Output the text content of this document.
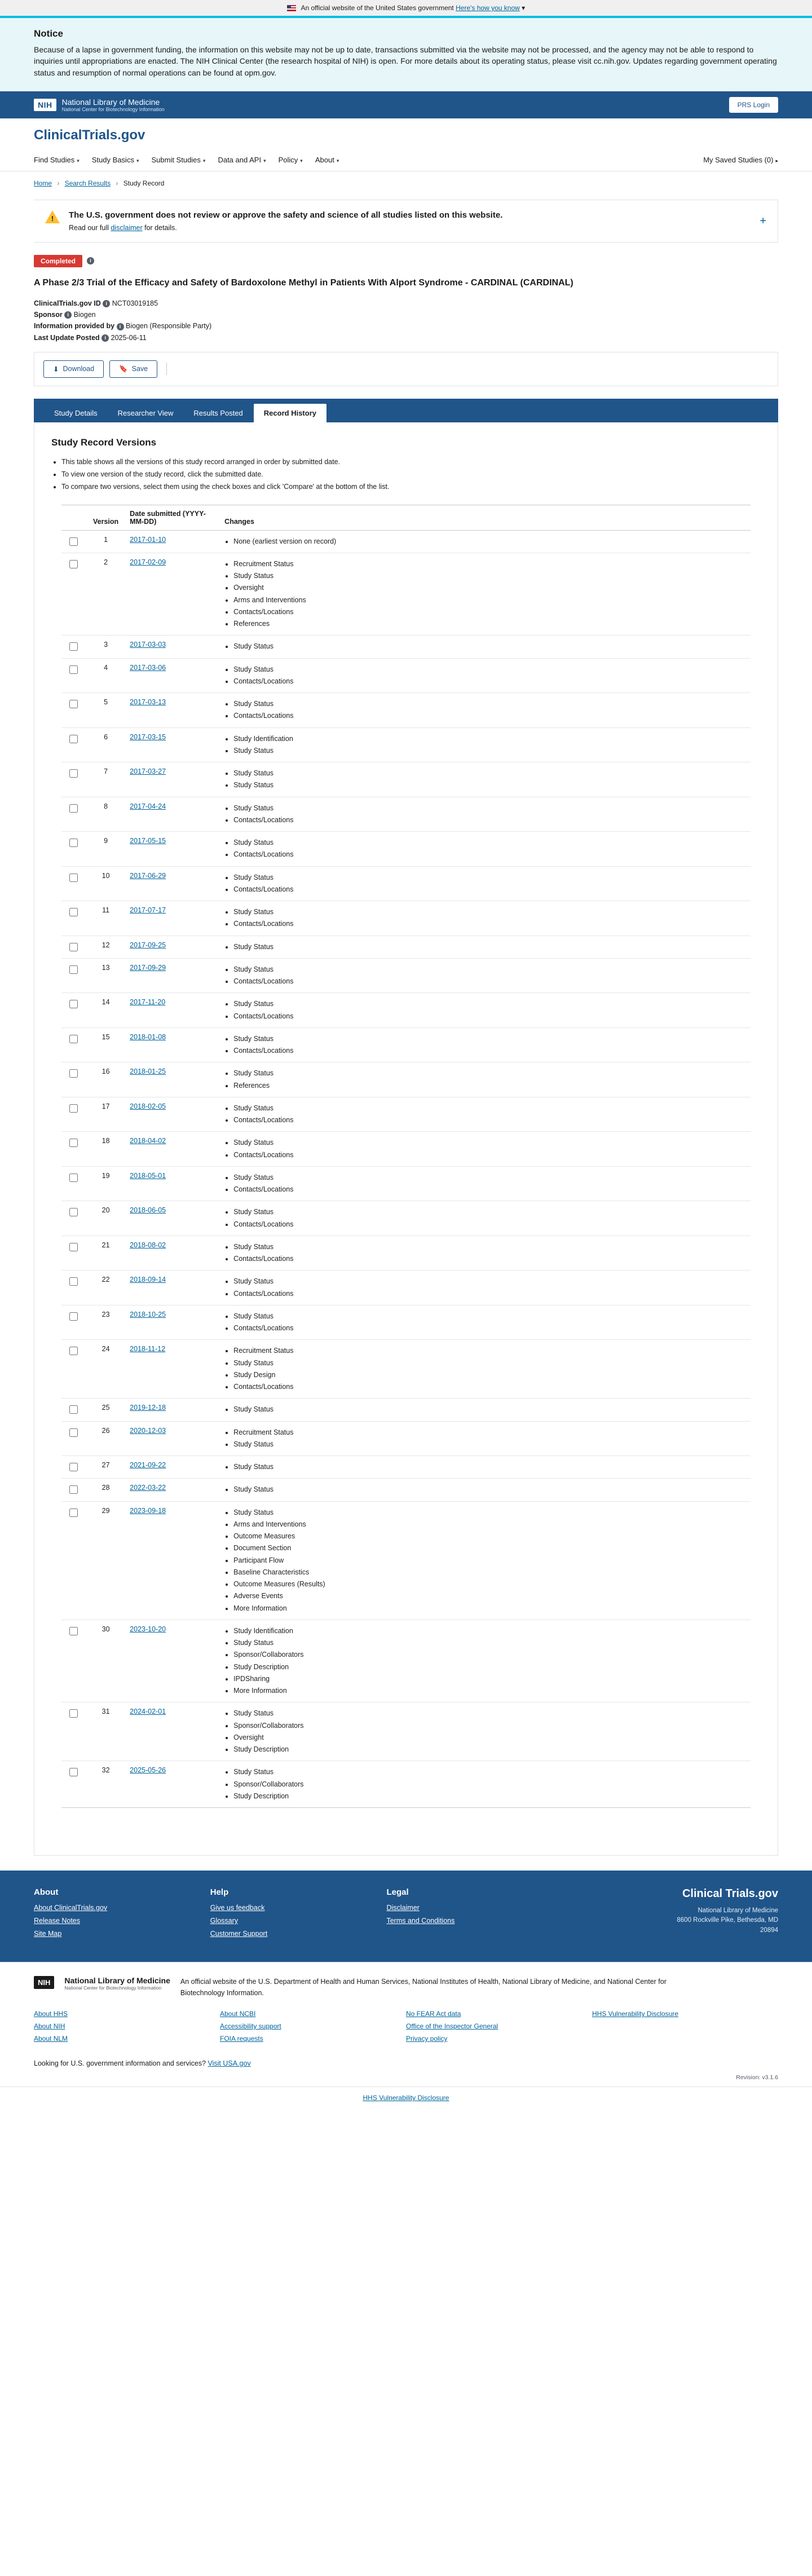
An official website of the United States government Here's how you know ▾
Notice
Because of a lapse in government funding, the information on this website may not be up to date, transactions submitted via the website may not be processed, and the agency may not be able to respond to inquiries until appropriations are enacted. The NIH Clinical Center (the research hospital of NIH) is open. For more details about its operating status, please visit cc.nih.gov. Updates regarding government operating status and resumption of normal operations can be found at opm.gov.
NIH	National Library of Medicine
National Center for Biotechnology Information
PRS Login
ClinicalTrials.gov
Find Studies ▾	Study Basics ▾	Submit Studies ▾	Data and API ▾	Policy ▾	About ▾	My Saved Studies (0) ▸
Home › Search Results › Study Record
!	The U.S. government does not review or approve the safety and science of all studies listed on this website.
Read our full disclaimer for details.
+
Completed	i
A Phase 2/3 Trial of the Efficacy and Safety of Bardoxolone Methyl in Patients With Alport Syndrome - CARDINAL (CARDINAL)
ClinicalTrials.gov ID i NCT03019185
Sponsor i Biogen
Information provided by i Biogen (Responsible Party)
Last Update Posted i 2025-06-11
⬇ Download	🔖 Save
Study Details	Researcher View	Results Posted	Record History
Study Record Versions
• This table shows all the versions of this study record arranged in order by submitted date.
• To view one version of the study record, click the submitted date.
• To compare two versions, select them using the check boxes and click 'Compare' at the bottom of the list.
	Version	Date submitted (YYYY-MM-DD)	Changes
	1	2017-01-10	
•None (earliest version on record)

	2	2017-02-09	
•Recruitment Status
• Study Status
• Oversight
• Arms and Interventions
• Contacts/Locations
• References

	3	2017-03-03	
•Study Status

	4	2017-03-06	
•Study Status
• Contacts/Locations

	5	2017-03-13	
•Study Status
• Contacts/Locations

	6	2017-03-15	
•Study Identification
• Study Status

	7	2017-03-27	
•Study Status
• Study Status

	8	2017-04-24	
•Study Status
• Contacts/Locations

	9	2017-05-15	
•Study Status
• Contacts/Locations

	10	2017-06-29	
•Study Status
• Contacts/Locations

	11	2017-07-17	
•Study Status
• Contacts/Locations

	12	2017-09-25	
•Study Status

	13	2017-09-29	
•Study Status
• Contacts/Locations

	14	2017-11-20	
•Study Status
• Contacts/Locations

	15	2018-01-08	
•Study Status
• Contacts/Locations

	16	2018-01-25	
•Study Status
• References

	17	2018-02-05	
•Study Status
• Contacts/Locations

	18	2018-04-02	
•Study Status
• Contacts/Locations

	19	2018-05-01	
•Study Status
• Contacts/Locations

	20	2018-06-05	
•Study Status
• Contacts/Locations

	21	2018-08-02	
•Study Status
• Contacts/Locations

	22	2018-09-14	
•Study Status
• Contacts/Locations

	23	2018-10-25	
•Study Status
• Contacts/Locations

	24	2018-11-12	
•Recruitment Status
• Study Status
• Study Design
• Contacts/Locations

	25	2019-12-18	
•Study Status

	26	2020-12-03	
•Recruitment Status
• Study Status

	27	2021-09-22	
•Study Status

	28	2022-03-22	
•Study Status

	29	2023-09-18	
•Study Status
• Arms and Interventions
• Outcome Measures
• Document Section
• Participant Flow
• Baseline Characteristics
• Outcome Measures (Results)
• Adverse Events
• More Information

	30	2023-10-20	
•Study Identification
• Study Status
• Sponsor/Collaborators
• Study Description
• IPDSharing
• More Information

	31	2024-02-01	
•Study Status
• Sponsor/Collaborators
• Oversight
• Study Description

	32	2025-05-26	
•Study Status
• Sponsor/Collaborators
• Study Description
About
About ClinicalTrials.gov
Release Notes
Site Map
Help
Give us feedback
Glossary
Customer Support
Legal
Disclaimer
Terms and Conditions
Clinical Trials.gov
National Library of Medicine
8600 Rockville Pike, Bethesda, MD
20894
NIH	National Library of Medicine
National Center for Biotechnology Information
An official website of the U.S. Department of Health and Human Services, National Institutes of Health, National Library of Medicine, and National Center for Biotechnology Information.
About HHS
About NIH
About NLM
About NCBI
Accessibility support
FOIA requests
No FEAR Act data
Office of the Inspector General
Privacy policy
HHS Vulnerability Disclosure
Looking for U.S. government information and services? Visit USA.gov
Revision: v3.1.6
HHS Vulnerability Disclosure
